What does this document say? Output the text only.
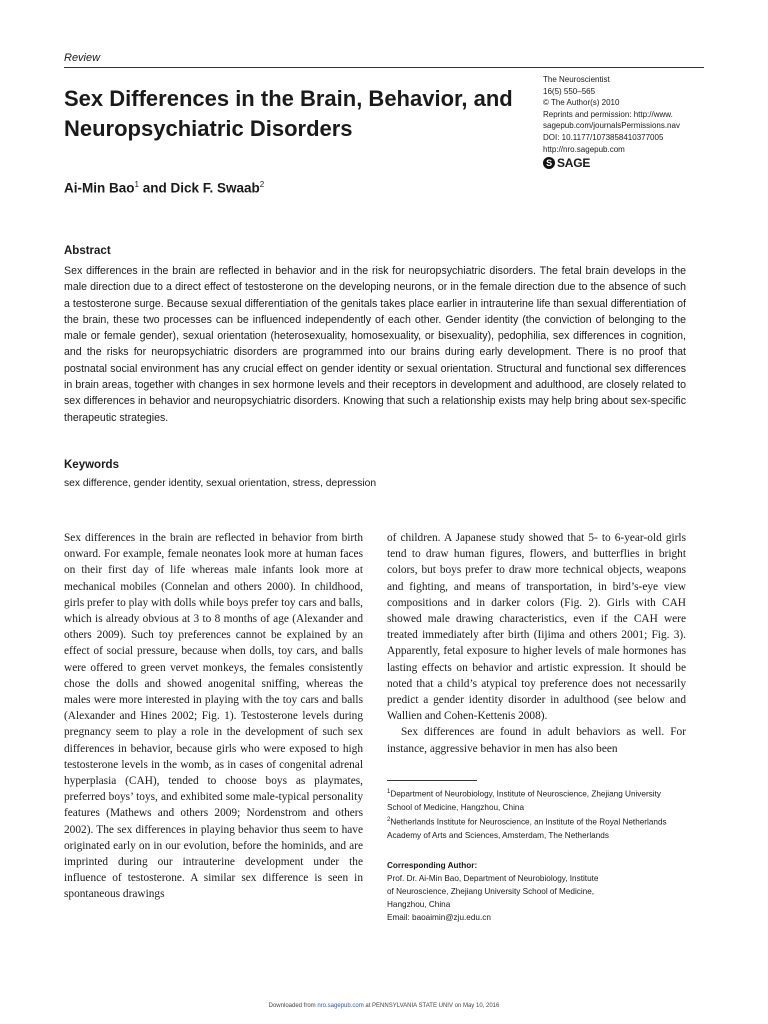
Review
Sex Differences in the Brain, Behavior, and Neuropsychiatric Disorders
The Neuroscientist
16(5) 550–565
© The Author(s) 2010
Reprints and permission: http://www.
sagepub.com/journalsPermissions.nav
DOI: 10.1177/1073858410377005
http://nro.sagepub.com
S SAGE
Ai-Min Bao$^1$ and Dick F. Swaab$^2$
Abstract

Sex differences in the brain are reflected in behavior and in the risk for neuropsychiatric disorders. The fetal brain develops in the male direction due to a direct effect of testosterone on the developing neurons, or in the female direction due to the absence of such a testosterone surge. Because sexual differentiation of the genitals takes place earlier in intrauterine life than sexual differentiation of the brain, these two processes can be influenced independently of each other. Gender identity (the conviction of belonging to the male or female gender), sexual orientation (heterosexuality, homosexuality, or bisexuality), pedophilia, sex differences in cognition, and the risks for neuropsychiatric disorders are programmed into our brains during early development. There is no proof that postnatal social environment has any crucial effect on gender identity or sexual orientation. Structural and functional sex differences in brain areas, together with changes in sex hormone levels and their receptors in development and adulthood, are closely related to sex differences in behavior and neuropsychiatric disorders. Knowing that such a relationship exists may help bring about sex-specific therapeutic strategies.

Keywords
sex difference, gender identity, sexual orientation, stress, depression

Sex differences in the brain are reflected in behavior from birth onward. For example, female neonates look more at human faces on their first day of life whereas male infants look more at mechanical mobiles (Connelan and others 2000). In childhood, girls prefer to play with dolls while boys prefer toy cars and balls, which is already obvious at 3 to 8 months of age (Alexander and others 2009). Such toy preferences cannot be explained by an effect of social pressure, because when dolls, toy cars, and balls were offered to green vervet monkeys, the females consistently chose the dolls and showed anogenital sniffing, whereas the males were more interested in playing with the toy cars and balls (Alexander and Hines 2002; Fig. 1). Testosterone levels during pregnancy seem to play a role in the development of such sex differences in behavior, because girls who were exposed to high testosterone levels in the womb, as in cases of congenital adrenal hyperplasia (CAH), tended to choose boys as playmates, preferred boys’ toys, and exhibited some male-typical personality features (Mathews and others 2009; Nordenstrom and others 2002). The sex differences in playing behavior thus seem to have originated early on in our evolution, before the hominids, and are imprinted during our intrauterine development under the influence of testosterone. A similar sex difference is seen in spontaneous drawings

of children. A Japanese study showed that 5- to 6-year-old girls tend to draw human figures, flowers, and butterflies in bright colors, but boys prefer to draw more technical objects, weapons and fighting, and means of transportation, in bird’s-eye view compositions and in darker colors (Fig. 2). Girls with CAH showed male drawing characteristics, even if the CAH were treated immediately after birth (Iijima and others 2001; Fig. 3). Apparently, fetal exposure to higher levels of male hormones has lasting effects on behavior and artistic expression. It should be noted that a child’s atypical toy preference does not necessarily predict a gender identity disorder in adulthood (see below and Wallien and Cohen-Kettenis 2008).

Sex differences are found in adult behaviors as well. For instance, aggressive behavior in men has also been

$^1$Department of Neurobiology, Institute of Neuroscience, Zhejiang University School of Medicine, Hangzhou, China
$^2$Netherlands Institute for Neuroscience, an Institute of the Royal Netherlands Academy of Arts and Sciences, Amsterdam, The Netherlands
Corresponding Author:
Prof. Dr. Ai-Min Bao, Department of Neurobiology, Institute
of Neuroscience, Zhejiang University School of Medicine,
Hangzhou, China
Email: baoaimin@zju.edu.cn
Downloaded from nro.sagepub.com at PENNSYLVANIA STATE UNIV on May 10, 2016
